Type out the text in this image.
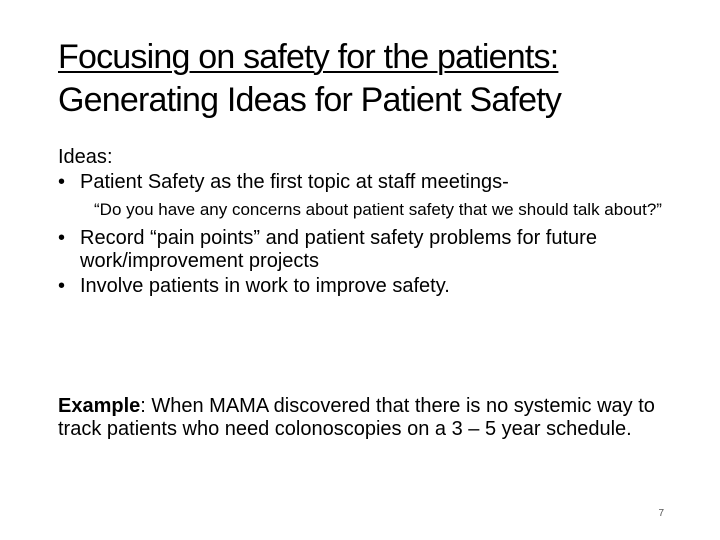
Focusing on safety for the patients:
Generating Ideas for Patient Safety

Ideas:

• Patient Safety as the first topic at staff meetings-

“Do you have any concerns about patient safety that we should talk about?”

• Record “pain points” and patient safety problems for future work/improvement projects

• Involve patients in work to improve safety.

Example: When MAMA discovered that there is no systemic way to track patients who need colonoscopies on a 3 – 5 year schedule.
7
